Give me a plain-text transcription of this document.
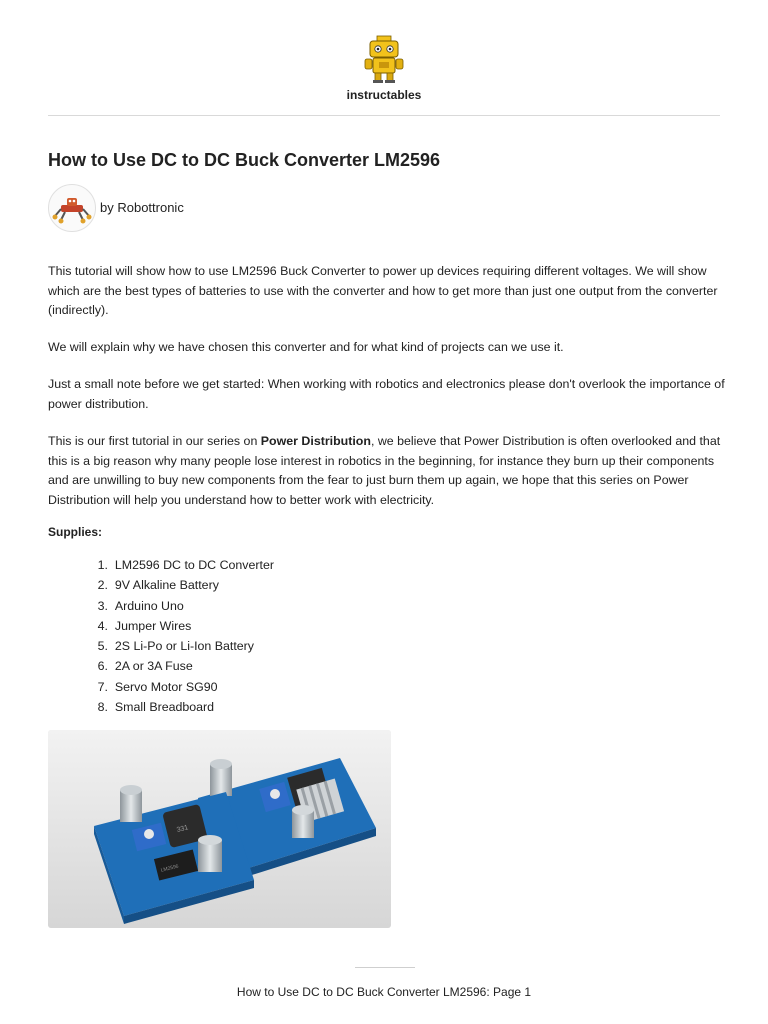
instructables
How to Use DC to DC Buck Converter LM2596
by Robottronic

This tutorial will show how to use LM2596 Buck Converter to power up devices requiring different voltages. We will show which are the best types of batteries to use with the converter and how to get more than just one output from the converter (indirectly).

We will explain why we have chosen this converter and for what kind of projects can we use it.

Just a small note before we get started: When working with robotics and electronics please don't overlook the importance of power distribution.

This is our first tutorial in our series on Power Distribution, we believe that Power Distribution is often overlooked and that this is a big reason why many people lose interest in robotics in the beginning, for instance they burn up their components and are unwilling to buy new components from the fear to just burn them up again, we hope that this series on Power Distribution will help you understand how to better work with electricity.

Supplies:
1. LM2596 DC to DC Converter
2. 9V Alkaline Battery
3. Arduino Uno
4. Jumper Wires
5. 2S Li-Po or Li-Ion Battery
6. 2A or 3A Fuse
7. Servo Motor SG90
8. Small Breadboard
331
LM2596
How to Use DC to DC Buck Converter LM2596: Page 1
